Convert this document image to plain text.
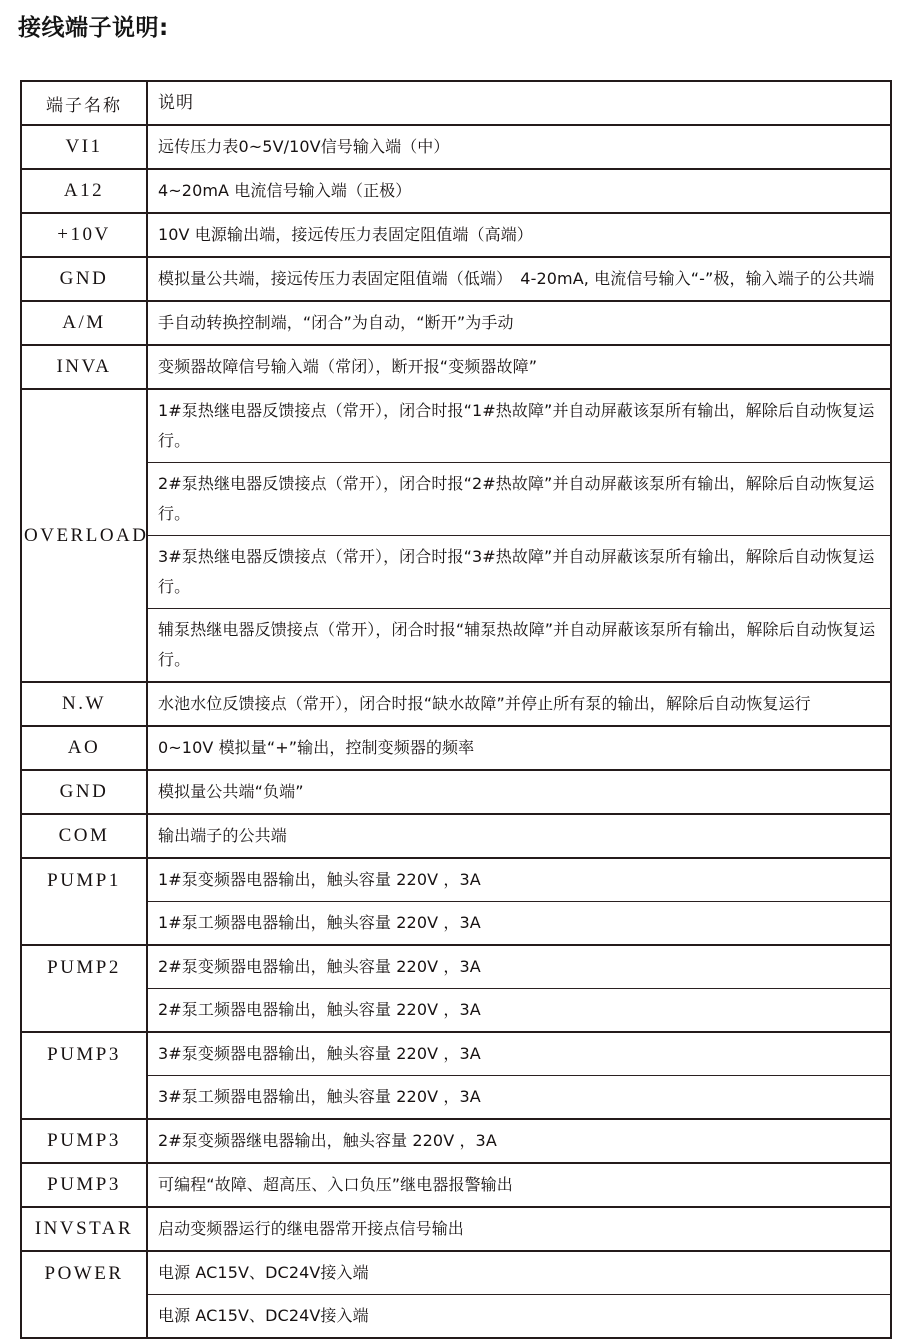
接线端子说明:
端子名称	说明
VI1	远传压力表0~5V/10V信号输入端（中）
A12	4~20mA 电流信号输入端（正极）
+10V	10V 电源输出端，接远传压力表固定阻值端（高端）
GND	模拟量公共端，接远传压力表固定阻值端（低端）　4-20mA, 电流信号输入“-”极，输入端子的公共端
A/M	手自动转换控制端，“闭合”为自动，“断开”为手动
INVA	变频器故障信号输入端（常闭），断开报“变频器故障”
OVERLOAD	1#泵热继电器反馈接点（常开），闭合时报“1#热故障”并自动屏蔽该泵所有输出，解除后自动恢复运行。
	2#泵热继电器反馈接点（常开），闭合时报“2#热故障”并自动屏蔽该泵所有输出，解除后自动恢复运行。
	3#泵热继电器反馈接点（常开），闭合时报“3#热故障”并自动屏蔽该泵所有输出，解除后自动恢复运行。
	辅泵热继电器反馈接点（常开），闭合时报“辅泵热故障”并自动屏蔽该泵所有输出，解除后自动恢复运行。
N.W	水池水位反馈接点（常开），闭合时报“缺水故障”并停止所有泵的输出，解除后自动恢复运行
AO	0~10V 模拟量“+”输出，控制变频器的频率
GND	模拟量公共端“负端”
COM	输出端子的公共端
PUMP1	1#泵变频器电器输出，触头容量 220V ，3A
	1#泵工频器电器输出，触头容量 220V ，3A
PUMP2	2#泵变频器电器输出，触头容量 220V ，3A
	2#泵工频器电器输出，触头容量 220V ，3A
PUMP3	3#泵变频器电器输出，触头容量 220V ，3A
	3#泵工频器电器输出，触头容量 220V ，3A
PUMP3	2#泵变频器继电器输出，触头容量 220V ，3A
PUMP3	可编程“故障、超高压、入口负压”继电器报警输出
INVSTAR	启动变频器运行的继电器常开接点信号输出
POWER	电源 AC15V、DC24V接入端
	电源 AC15V、DC24V接入端
